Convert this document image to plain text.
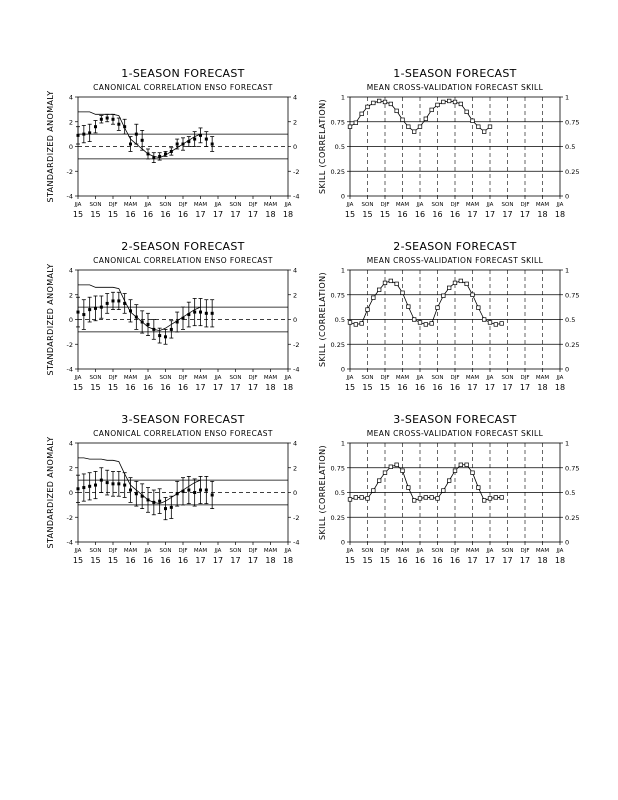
1-SEASON FORECAST
CANONICAL CORRELATION ENSO FORECAST
4	4
2	2
0	0
-2	-2
-4	-4
STANDARDIZED ANOMALY
JJA
15
SON
15
DJF
15
MAM
16
JJA
16
SON
16
DJF
16
MAM
17
JJA
17
SON
17
DJF
17
MAM
18
JJA
18
1-SEASON FORECAST
MEAN CROSS-VALIDATION FORECAST SKILL
1	1
0.75	0.75
0.5	0.5
0.25	0.25
0	0
SKILL (CORRELATION)
JJA
15
SON
15
DJF
15
MAM
16
JJA
16
SON
16
DJF
16
MAM
17
JJA
17
SON
17
DJF
17
MAM
18
JJA
18
2-SEASON FORECAST
CANONICAL CORRELATION ENSO FORECAST
4	4
2	2
0	0
-2	-2
-4	-4
STANDARDIZED ANOMALY
JJA
15
SON
15
DJF
15
MAM
16
JJA
16
SON
16
DJF
16
MAM
17
JJA
17
SON
17
DJF
17
MAM
18
JJA
18
2-SEASON FORECAST
MEAN CROSS-VALIDATION FORECAST SKILL
1	1
0.75	0.75
0.5	0.5
0.25	0.25
0	0
SKILL (CORRELATION)
JJA
15
SON
15
DJF
15
MAM
16
JJA
16
SON
16
DJF
16
MAM
17
JJA
17
SON
17
DJF
17
MAM
18
JJA
18
3-SEASON FORECAST
CANONICAL CORRELATION ENSO FORECAST
4	4
2	2
0	0
-2	-2
-4	-4
STANDARDIZED ANOMALY
JJA
15
SON
15
DJF
15
MAM
16
JJA
16
SON
16
DJF
16
MAM
17
JJA
17
SON
17
DJF
17
MAM
18
JJA
18
3-SEASON FORECAST
MEAN CROSS-VALIDATION FORECAST SKILL
1	1
0.75	0.75
0.5	0.5
0.25	0.25
0	0
SKILL (CORRELATION)
JJA
15
SON
15
DJF
15
MAM
16
JJA
16
SON
16
DJF
16
MAM
17
JJA
17
SON
17
DJF
17
MAM
18
JJA
18
